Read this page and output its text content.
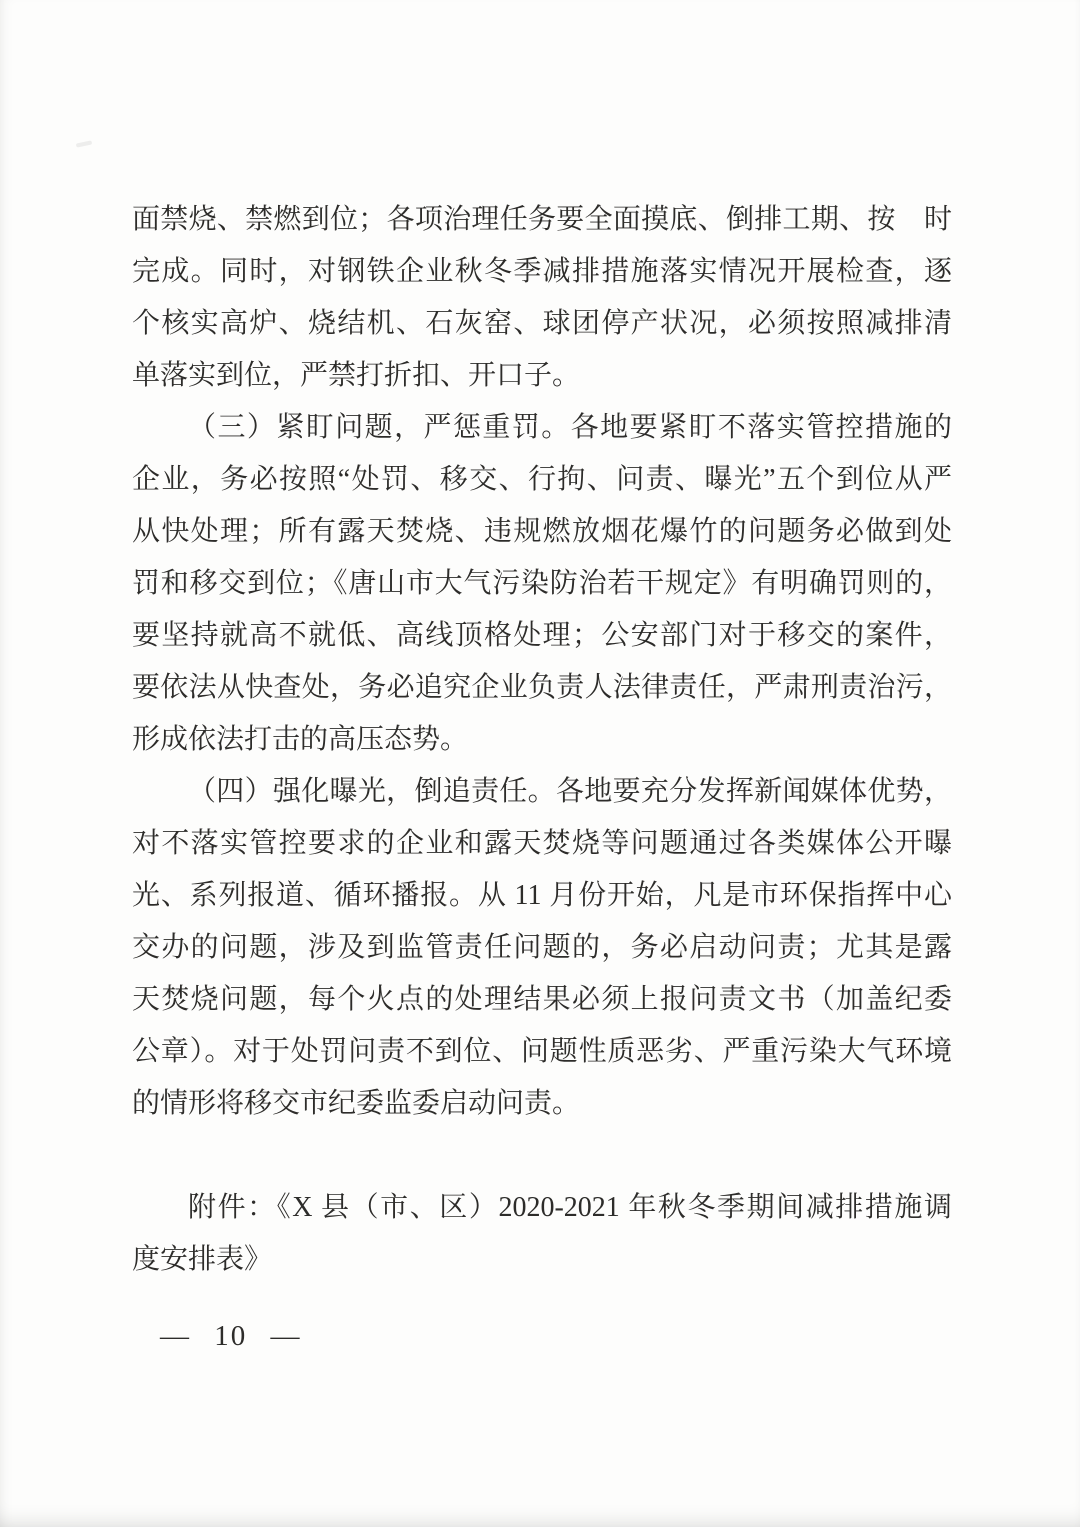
面禁烧、禁燃到位；各项治理任务要全面摸底、倒排工期、按　时
完成。同时，对钢铁企业秋冬季减排措施落实情况开展检查，逐
个核实高炉、烧结机、石灰窑、球团停产状况，必须按照减排清
单落实到位，严禁打折扣、开口子。
（三）紧盯问题，严惩重罚。各地要紧盯不落实管控措施的
企业，务必按照“处罚、移交、行拘、问责、曝光”五个到位从严
从快处理；所有露天焚烧、违规燃放烟花爆竹的问题务必做到处
罚和移交到位；《唐山市大气污染防治若干规定》有明确罚则的，
要坚持就高不就低、高线顶格处理；公安部门对于移交的案件，
要依法从快查处，务必追究企业负责人法律责任，严肃刑责治污，
形成依法打击的高压态势。
（四）强化曝光，倒追责任。各地要充分发挥新闻媒体优势，
对不落实管控要求的企业和露天焚烧等问题通过各类媒体公开曝
光、系列报道、循环播报。从 11 月份开始，凡是市环保指挥中心
交办的问题，涉及到监管责任问题的，务必启动问责；尤其是露
天焚烧问题，每个火点的处理结果必须上报问责文书（加盖纪委
公章）。对于处罚问责不到位、问题性质恶劣、严重污染大气环境
的情形将移交市纪委监委启动问责。
附件：《X 县（市、区）2020-2021 年秋冬季期间减排措施调
度安排表》
— 10 —
